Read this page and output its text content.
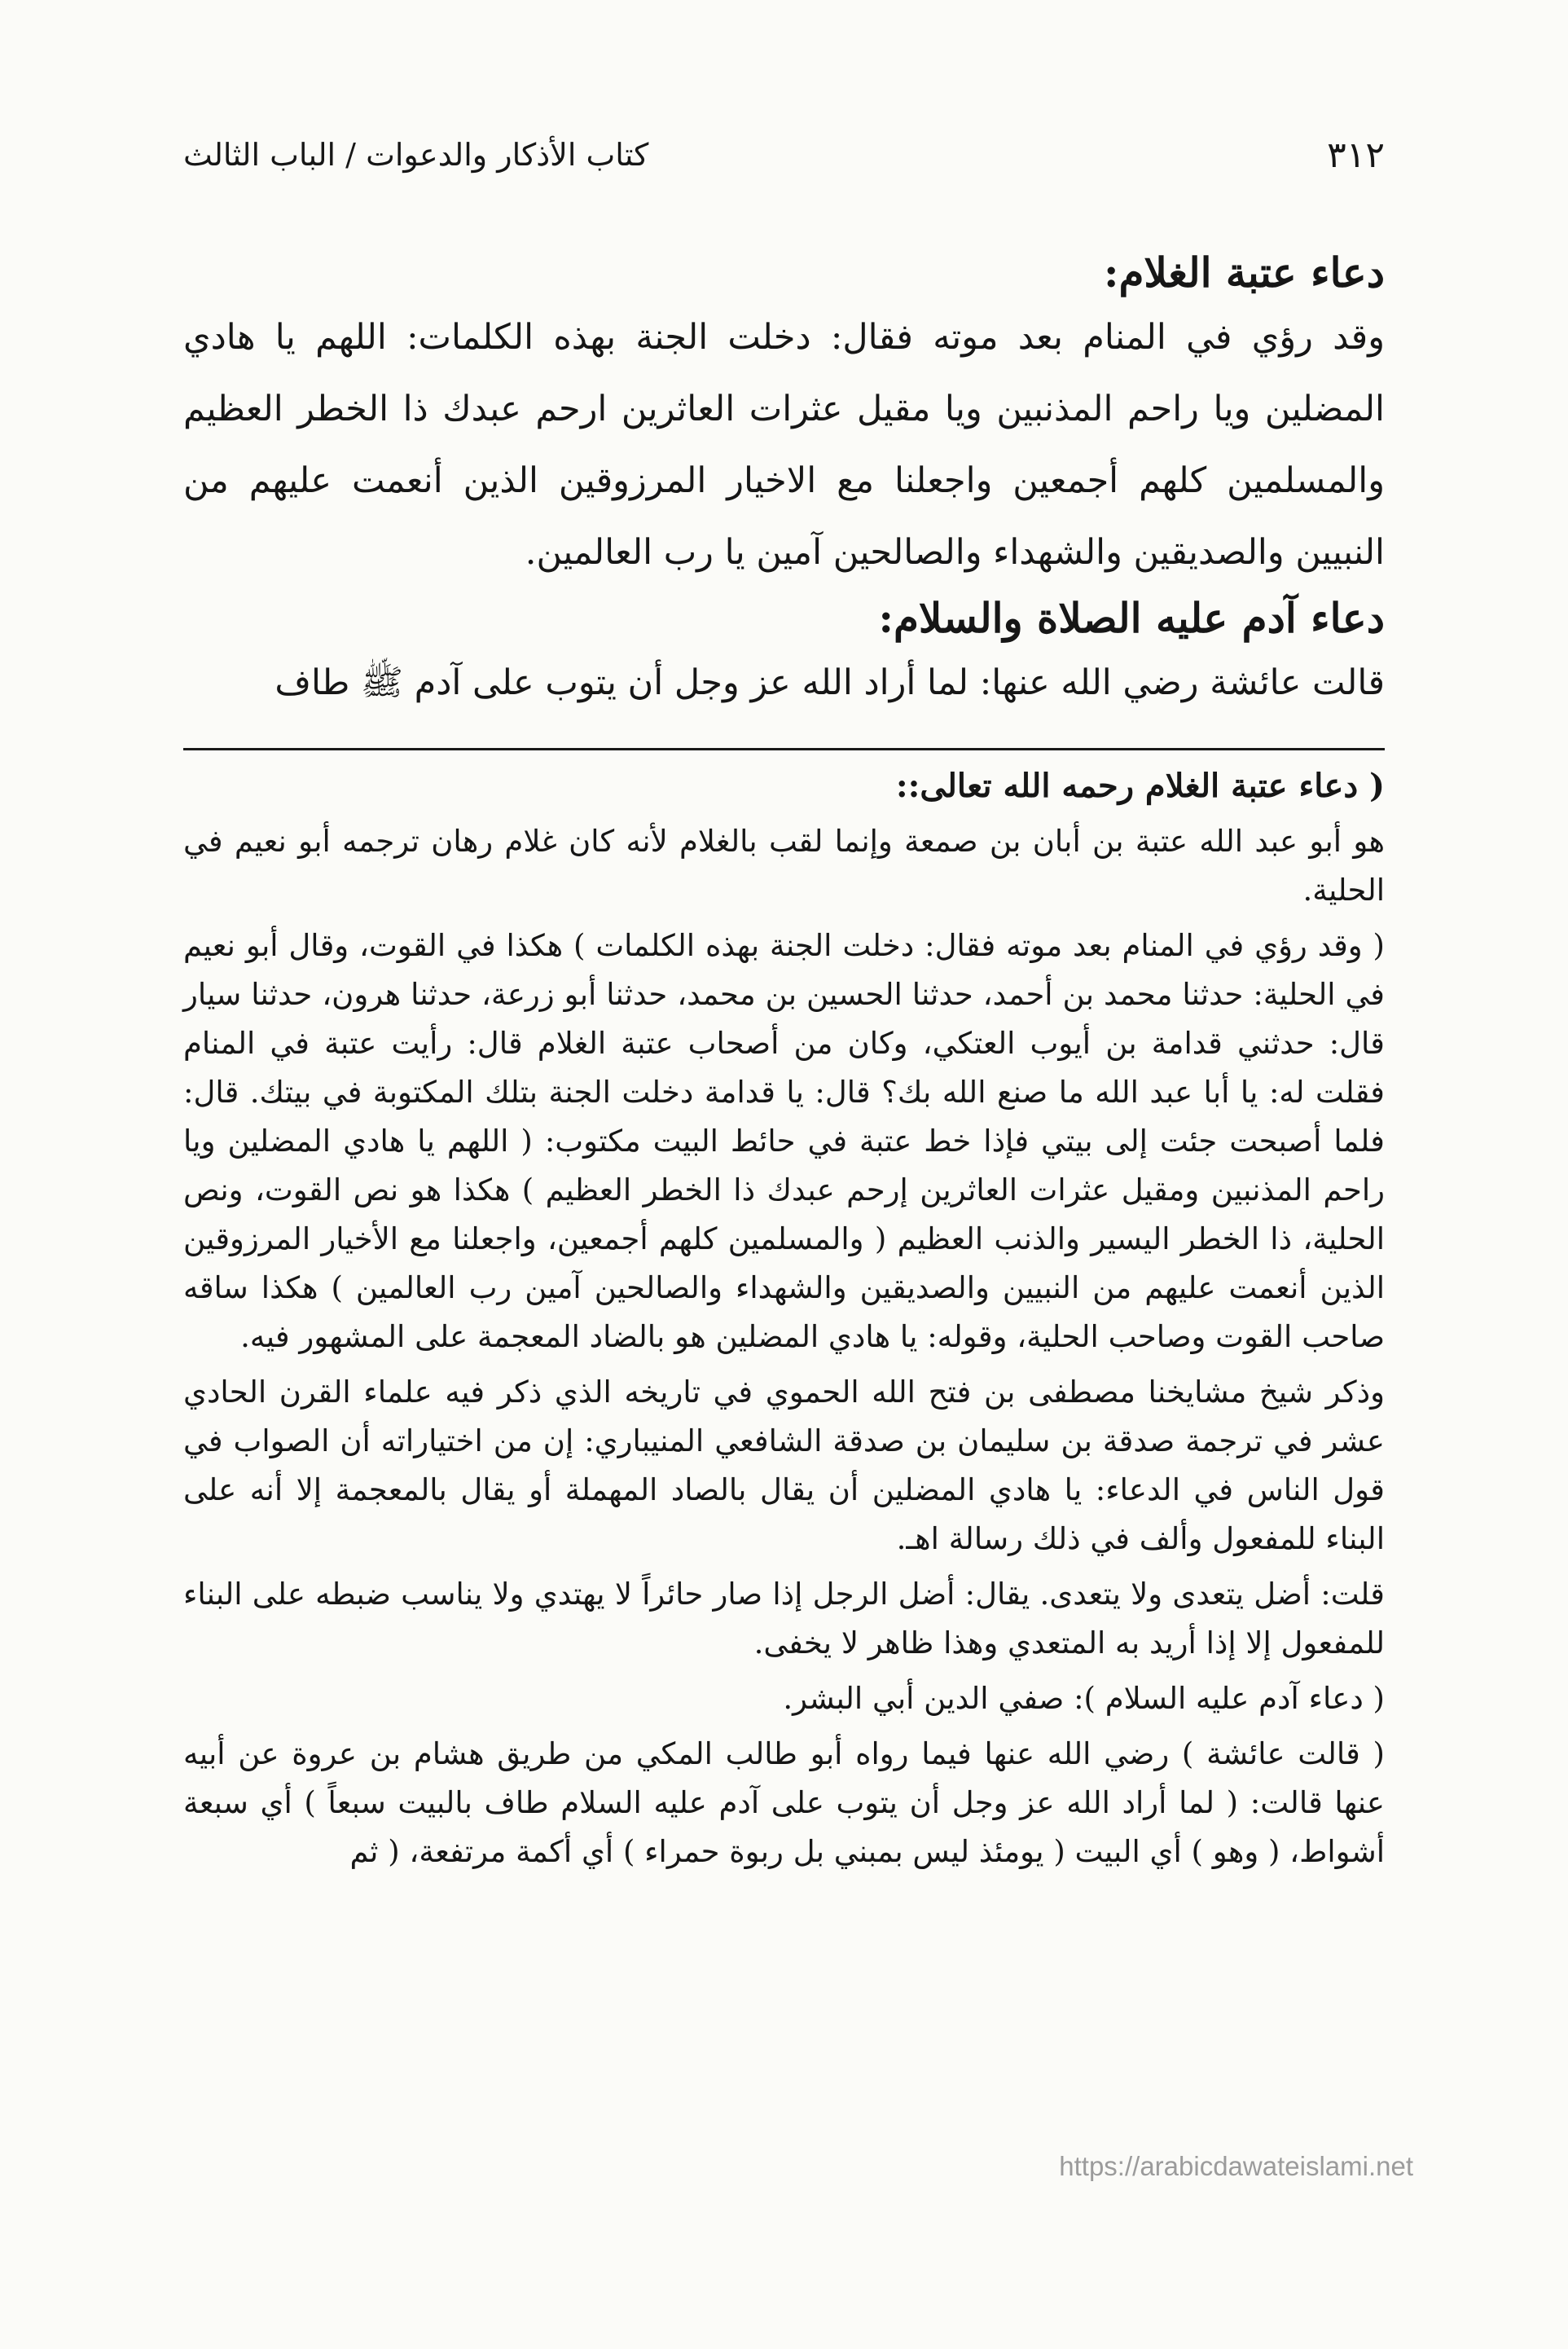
كتاب الأذكار والدعوات / الباب الثالث	٣١٢
دعاء عتبة الغلام:

وقد رؤي في المنام بعد موته فقال: دخلت الجنة بهذه الكلمات: اللهم يا هادي المضلين ويا راحم المذنبين ويا مقيل عثرات العاثرين ارحم عبدك ذا الخطر العظيم والمسلمين كلهم أجمعين واجعلنا مع الاخيار المرزوقين الذين أنعمت عليهم من النبيين والصديقين والشهداء والصالحين آمين يا رب العالمين.

دعاء آدم عليه الصلاة والسلام:

قالت عائشة رضي الله عنها: لما أراد الله عز وجل أن يتوب على آدم ﷺ طاف

( دعاء عتبة الغلام رحمه الله تعالى::

هو أبو عبد الله عتبة بن أبان بن صمعة وإنما لقب بالغلام لأنه كان غلام رهان ترجمه أبو نعيم في الحلية.

( وقد رؤي في المنام بعد موته فقال: دخلت الجنة بهذه الكلمات ) هكذا في القوت، وقال أبو نعيم في الحلية: حدثنا محمد بن أحمد، حدثنا الحسين بن محمد، حدثنا أبو زرعة، حدثنا هرون، حدثنا سيار قال: حدثني قدامة بن أيوب العتكي، وكان من أصحاب عتبة الغلام قال: رأيت عتبة في المنام فقلت له: يا أبا عبد الله ما صنع الله بك؟ قال: يا قدامة دخلت الجنة بتلك المكتوبة في بيتك. قال: فلما أصبحت جئت إلى بيتي فإذا خط عتبة في حائط البيت مكتوب: ( اللهم يا هادي المضلين ويا راحم المذنبين ومقيل عثرات العاثرين إرحم عبدك ذا الخطر العظيم ) هكذا هو نص القوت، ونص الحلية، ذا الخطر اليسير والذنب العظيم ( والمسلمين كلهم أجمعين، واجعلنا مع الأخيار المرزوقين الذين أنعمت عليهم من النبيين والصديقين والشهداء والصالحين آمين رب العالمين ) هكذا ساقه صاحب القوت وصاحب الحلية، وقوله: يا هادي المضلين هو بالضاد المعجمة على المشهور فيه.

وذكر شيخ مشايخنا مصطفى بن فتح الله الحموي في تاريخه الذي ذكر فيه علماء القرن الحادي عشر في ترجمة صدقة بن سليمان بن صدقة الشافعي المنيباري: إن من اختياراته أن الصواب في قول الناس في الدعاء: يا هادي المضلين أن يقال بالصاد المهملة أو يقال بالمعجمة إلا أنه على البناء للمفعول وألف في ذلك رسالة اهـ.

قلت: أضل يتعدى ولا يتعدى. يقال: أضل الرجل إذا صار حائراً لا يهتدي ولا يناسب ضبطه على البناء للمفعول إلا إذا أريد به المتعدي وهذا ظاهر لا يخفى.

( دعاء آدم عليه السلام ): صفي الدين أبي البشر.

( قالت عائشة ) رضي الله عنها فيما رواه أبو طالب المكي من طريق هشام بن عروة عن أبيه عنها قالت: ( لما أراد الله عز وجل أن يتوب على آدم عليه السلام طاف بالبيت سبعاً ) أي سبعة أشواط، ( وهو ) أي البيت ( يومئذ ليس بمبني بل ربوة حمراء ) أي أكمة مرتفعة، ( ثم

https://arabicdawateislami.net
